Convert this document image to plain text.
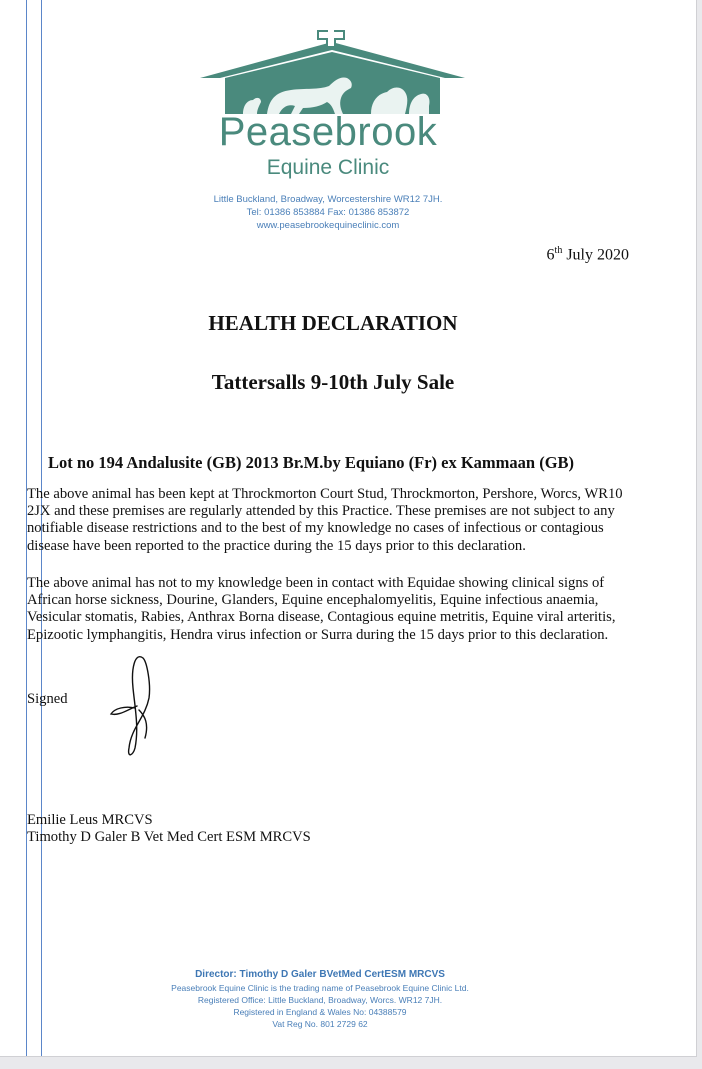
Peasebrook
Equine Clinic
Little Buckland, Broadway, Worcestershire WR12 7JH.
Tel: 01386 853884 Fax: 01386 853872
www.peasebrookequineclinic.com
6th July 2020
HEALTH DECLARATION
Tattersalls 9-10th July Sale
Lot no 194 Andalusite (GB) 2013 Br.M.by Equiano (Fr) ex Kammaan (GB)
The above animal has been kept at Throckmorton Court Stud, Throckmorton, Pershore, Worcs, WR10 2JX and these premises are regularly attended by this Practice. These premises are not subject to any notifiable disease restrictions and to the best of my knowledge no cases of infectious or contagious disease have been reported to the practice during the 15 days prior to this declaration.
The above animal has not to my knowledge been in contact with Equidae showing clinical signs of African horse sickness, Dourine, Glanders, Equine encephalomyelitis, Equine infectious anaemia, Vesicular stomatis, Rabies, Anthrax Borna disease, Contagious equine metritis, Equine viral arteritis, Epizootic lymphangitis, Hendra virus infection or Surra during the 15 days prior to this declaration.
Signed
Emilie Leus MRCVS
Timothy D Galer B Vet Med Cert ESM MRCVS
Director: Timothy D Galer BVetMed CertESM MRCVS
Peasebrook Equine Clinic is the trading name of Peasebrook Equine Clinic Ltd.
Registered Office: Little Buckland, Broadway, Worcs. WR12 7JH.
Registered in England & Wales No: 04388579
Vat Reg No. 801 2729 62
